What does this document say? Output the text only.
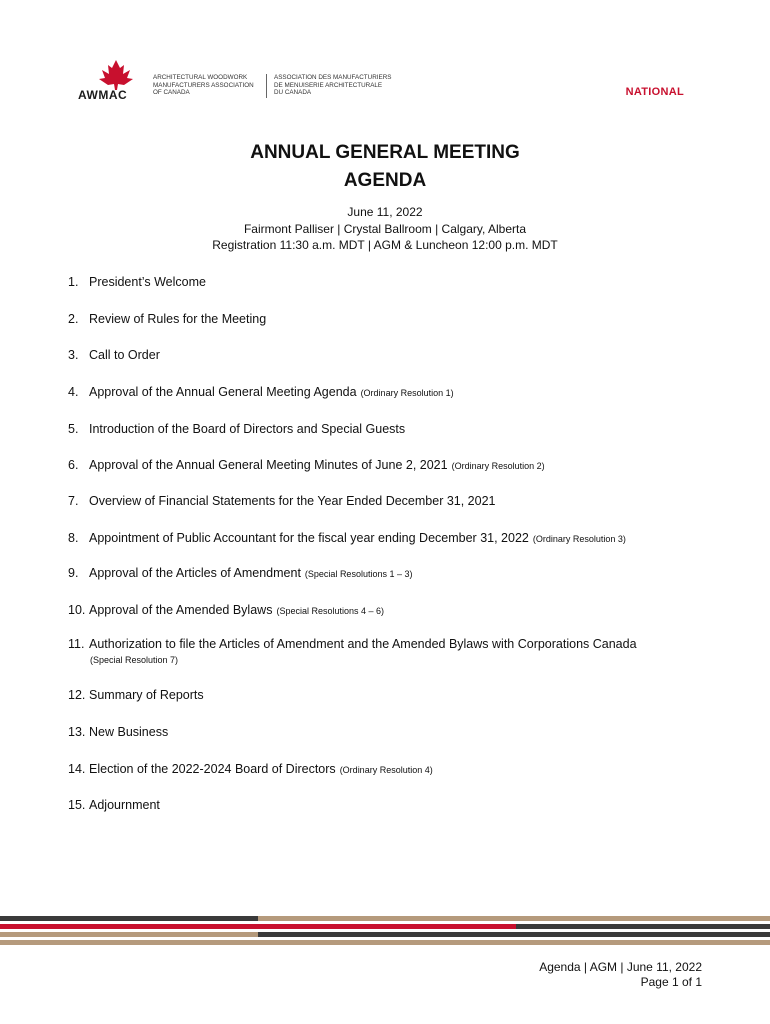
AWMAC
ARCHITECTURAL WOODWORK
MANUFACTURERS ASSOCIATION
OF CANADA
ASSOCIATION DES MANUFACTURIERS
DE MENUISERIE ARCHITECTURALE
DU CANADA	NATIONAL
ANNUAL GENERAL MEETING
AGENDA
June 11, 2022
Fairmont Palliser | Crystal Ballroom | Calgary, Alberta
Registration 11:30 a.m. MDT | AGM & Luncheon 12:00 p.m. MDT
1. President’s Welcome
2. Review of Rules for the Meeting
3. Call to Order
4. Approval of the Annual General Meeting Agenda (Ordinary Resolution 1)
5. Introduction of the Board of Directors and Special Guests
6. Approval of the Annual General Meeting Minutes of June 2, 2021 (Ordinary Resolution 2)
7. Overview of Financial Statements for the Year Ended December 31, 2021
8. Appointment of Public Accountant for the fiscal year ending December 31, 2022 (Ordinary Resolution 3)
9. Approval of the Articles of Amendment (Special Resolutions 1 – 3)
10. Approval of the Amended Bylaws (Special Resolutions 4 – 6)
11. Authorization to file the Articles of Amendment and the Amended Bylaws with Corporations Canada
12. Summary of Reports
13. New Business
14. Election of the 2022-2024 Board of Directors (Ordinary Resolution 4)
15. Adjournment
(Special Resolution 7)
Agenda | AGM | June 11, 2022
Page 1 of 1
